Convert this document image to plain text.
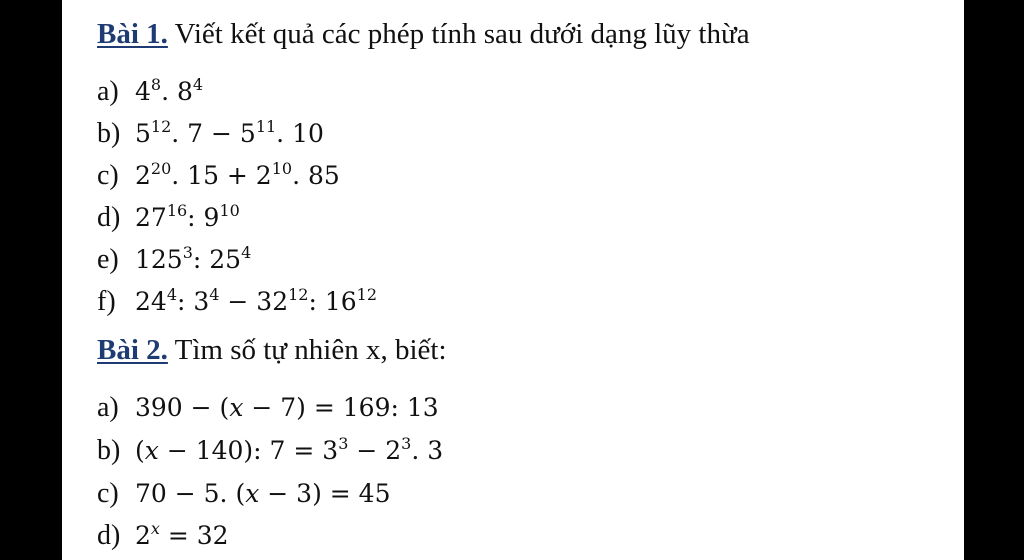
Bài 1. Viết kết quả các phép tính sau dưới dạng lũy thừa
a) $4^8$. $8^4$
b) $5^{12}$. $7 - 5^{11}$. 10
c) $2^{20}$. $15 + 2^{10}$. 85
d) $27^{16}$: $9^{10}$
e) $125^3$: $25^4$
f) $24^4$: $3^4 - 32^{12}$: $16^{12}$
Bài 2. Tìm số tự nhiên x, biết:
a) 390 − (x − 7) = 169: 13
b) (x − 140): $7 = 3^3 - 2^3$. 3
c) 70 − 5. (x − 3) = 45
d) $2^x = 32$
